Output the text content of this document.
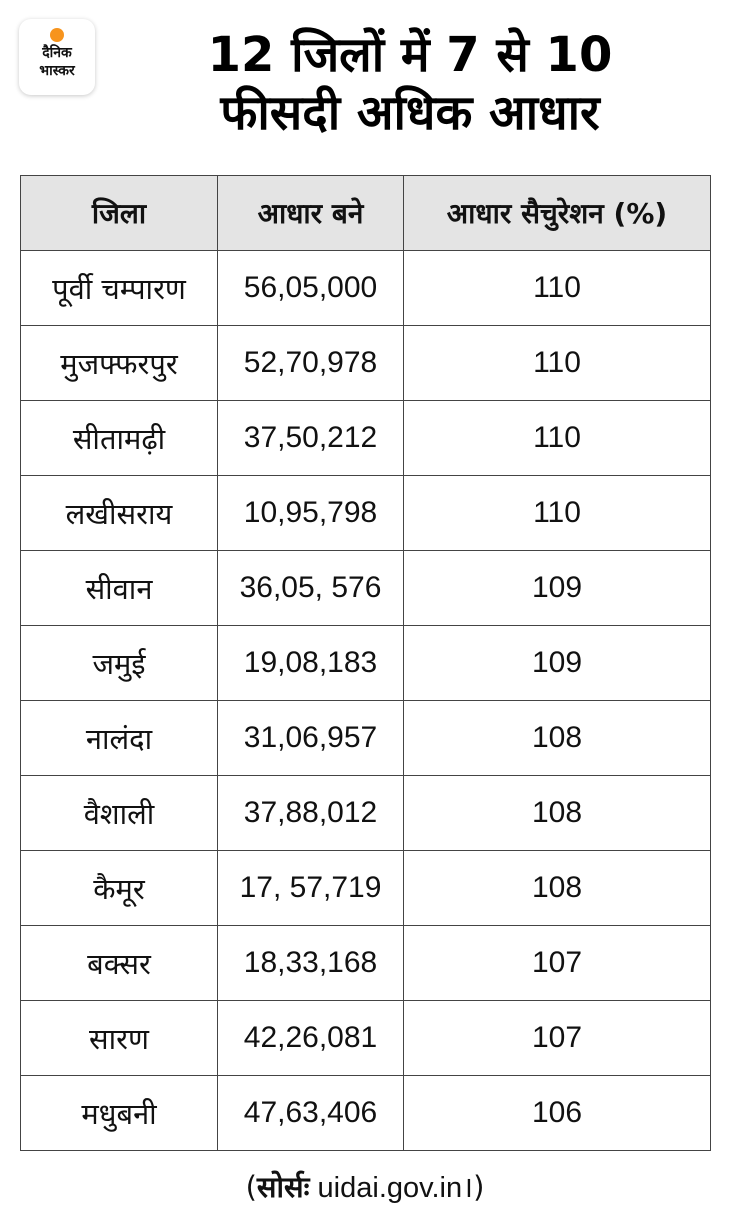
दैनिक
भास्कर	12 जिलों में 7 से 10
फीसदी अधिक आधार
जिला	आधार बने	आधार सैचुरेशन (%)
पूर्वी चम्पारण	56,05,000	110
मुजफ्फरपुर	52,70,978	110
सीतामढ़ी	37,50,212	110
लखीसराय	10,95,798	110
सीवान	36,05, 576	109
जमुई	19,08,183	109
नालंदा	31,06,957	108
वैशाली	37,88,012	108
कैमूर	17, 57,719	108
बक्सर	18,33,168	107
सारण	42,26,081	107
मधुबनी	47,63,406	106
(सोर्सः uidai.gov.in।)
